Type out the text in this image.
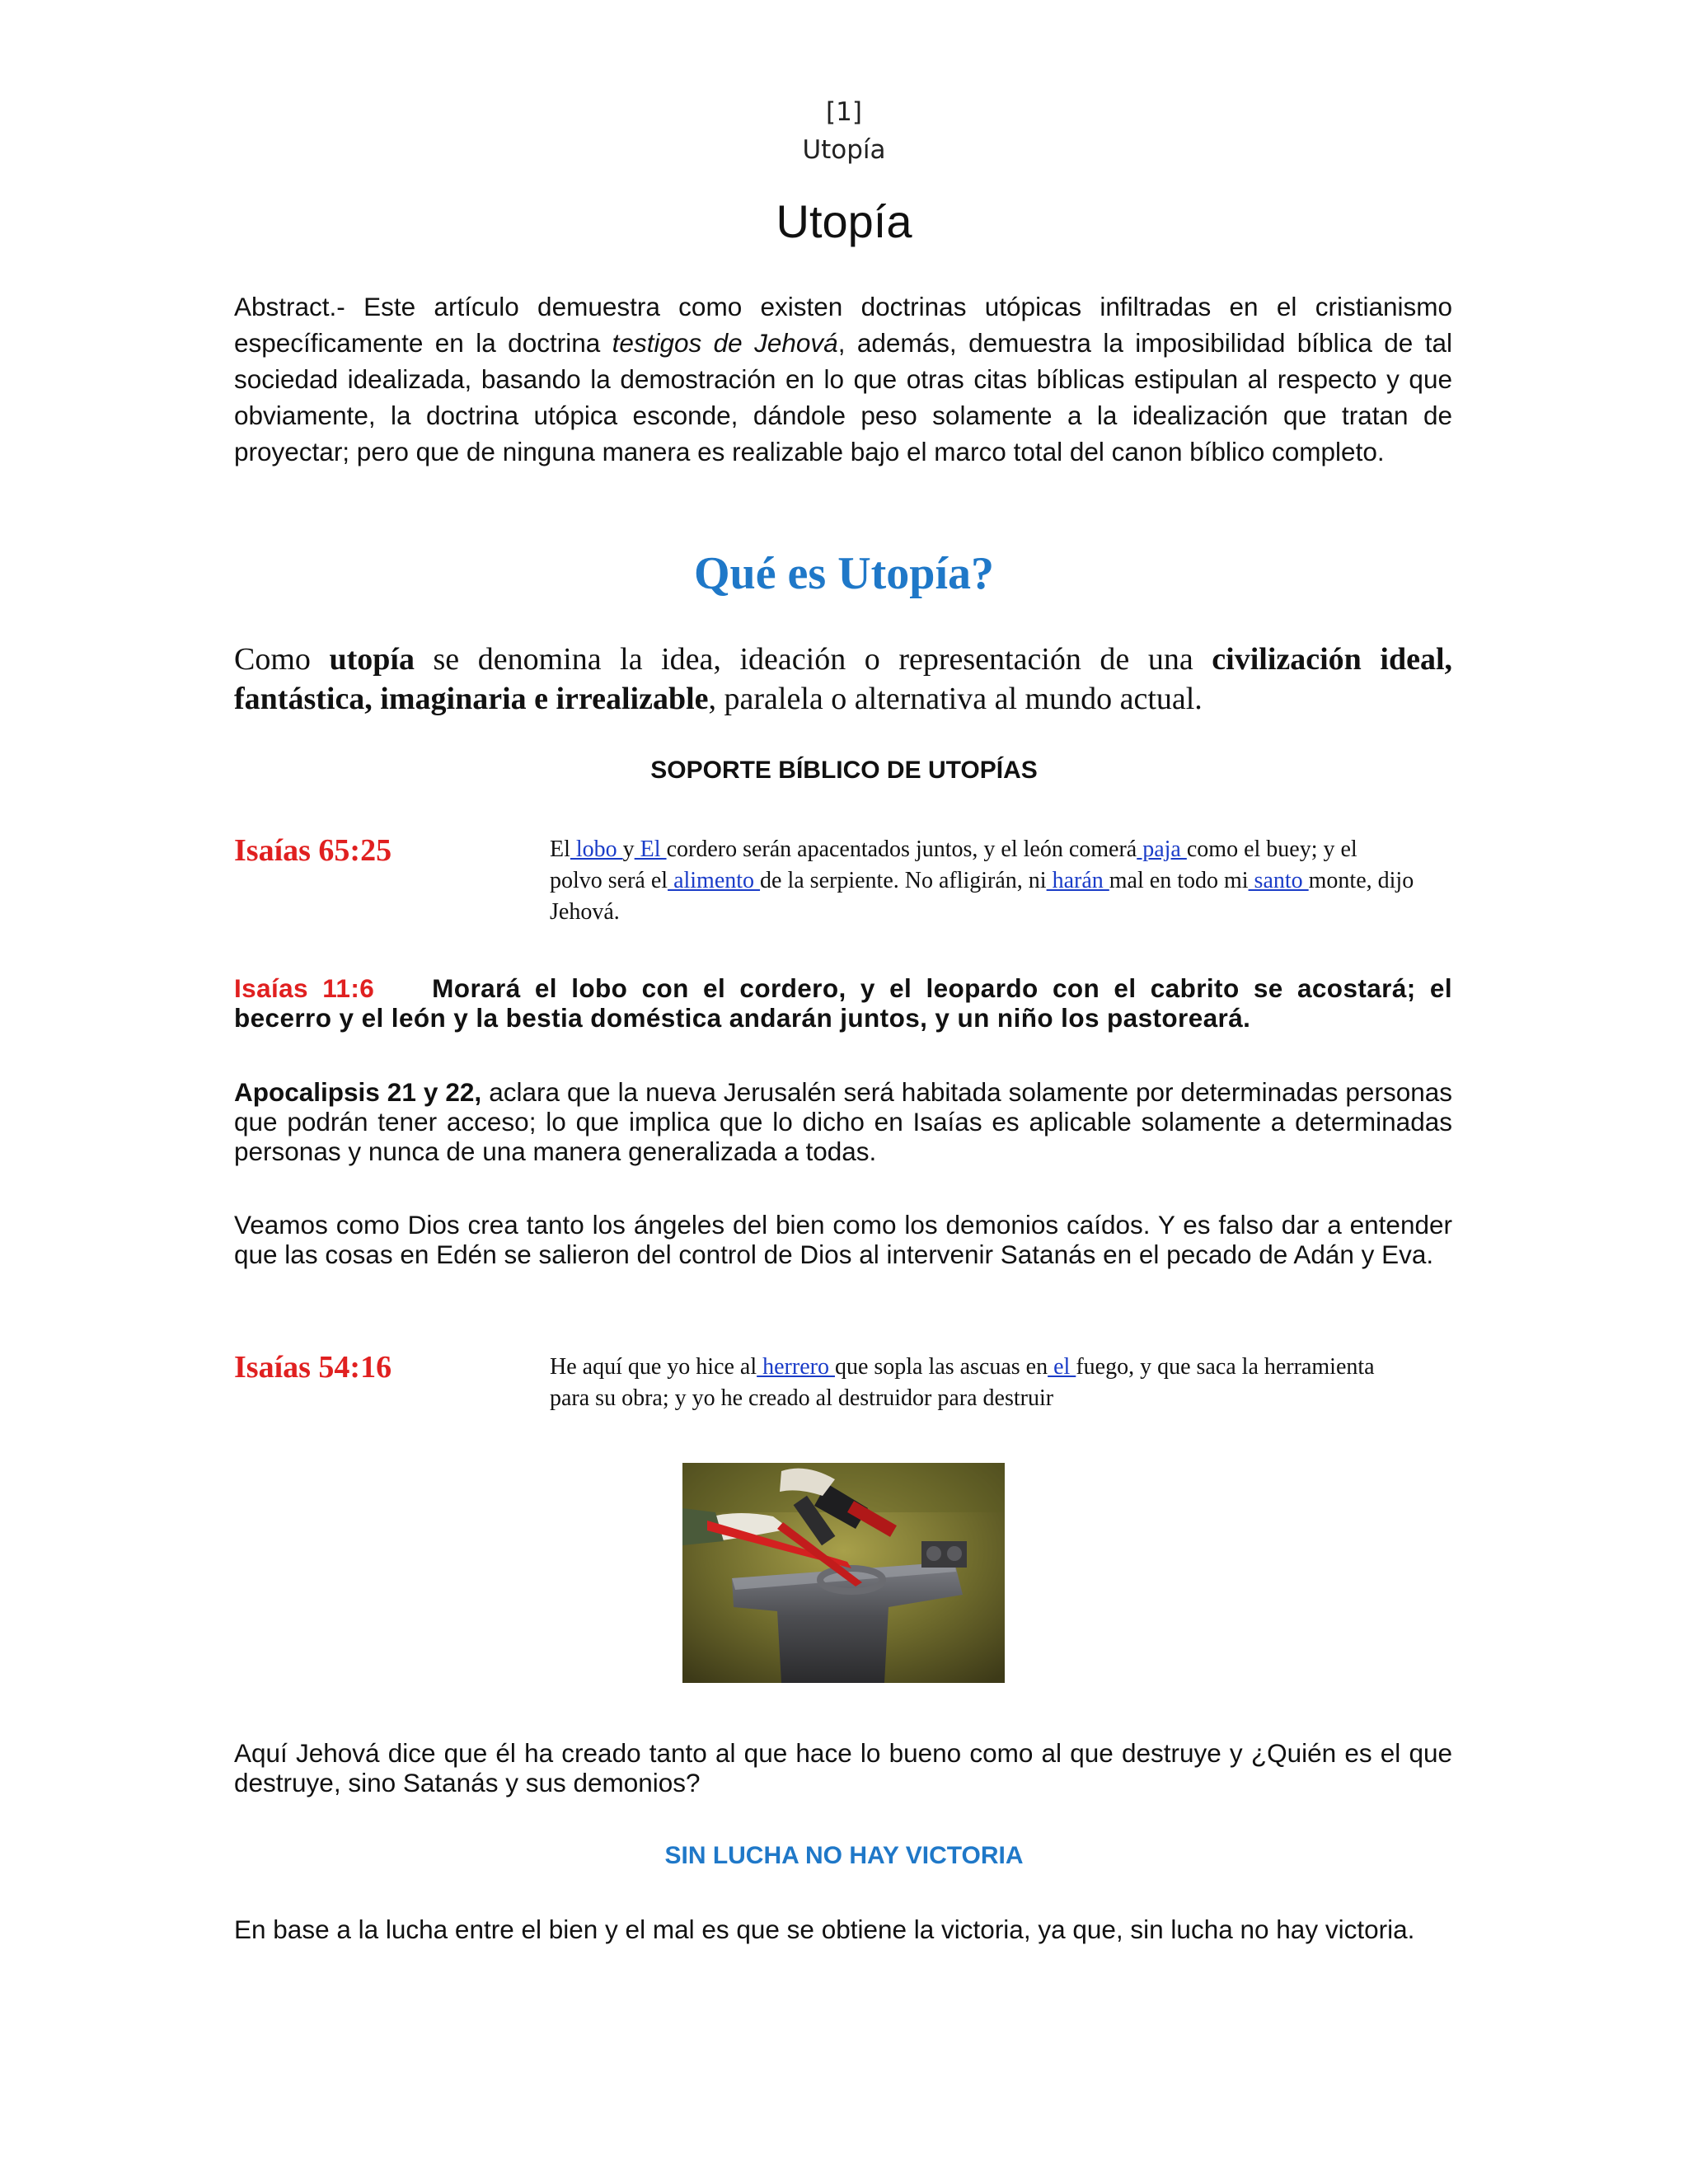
[1]
Utopía
Utopía
Abstract.- Este artículo demuestra como existen doctrinas utópicas infiltradas en el cristianismo específicamente en la doctrina testigos de Jehová, además, demuestra la imposibilidad bíblica de tal sociedad idealizada, basando la demostración en lo que otras citas bíblicas estipulan al respecto y que obviamente, la doctrina utópica esconde, dándole peso solamente a la idealización que tratan de proyectar; pero que de ninguna manera es realizable bajo el marco total del canon bíblico completo.
Qué es Utopía?
Como utopía se denomina la idea, ideación o representación de una civilización ideal, fantástica, imaginaria e irrealizable, paralela o alternativa al mundo actual.
SOPORTE BÍBLICO DE UTOPÍAS
Isaías 65:25	El lobo y El cordero serán apacentados juntos, y el león comerá paja como el buey; y el polvo será el alimento de la serpiente. No afligirán, ni harán mal en todo mi santo monte, dijo Jehová.
Isaías 11:6 Morará el lobo con el cordero, y el leopardo con el cabrito se acostará; el becerro y el león y la bestia doméstica andarán juntos, y un niño los pastoreará.
Apocalipsis 21 y 22, aclara que la nueva Jerusalén será habitada solamente por determinadas personas que podrán tener acceso; lo que implica que lo dicho en Isaías es aplicable solamente a determinadas personas y nunca de una manera generalizada a todas.
Veamos como Dios crea tanto los ángeles del bien como los demonios caídos. Y es falso dar a entender que las cosas en Edén se salieron del control de Dios al intervenir Satanás en el pecado de Adán y Eva.
Isaías 54:16	He aquí que yo hice al herrero que sopla las ascuas en el fuego, y que saca la herramienta para su obra; y yo he creado al destruidor para destruir
Aquí Jehová dice que él ha creado tanto al que hace lo bueno como al que destruye y ¿Quién es el que destruye, sino Satanás y sus demonios?
SIN LUCHA NO HAY VICTORIA
En base a la lucha entre el bien y el mal es que se obtiene la victoria, ya que, sin lucha no hay victoria.
